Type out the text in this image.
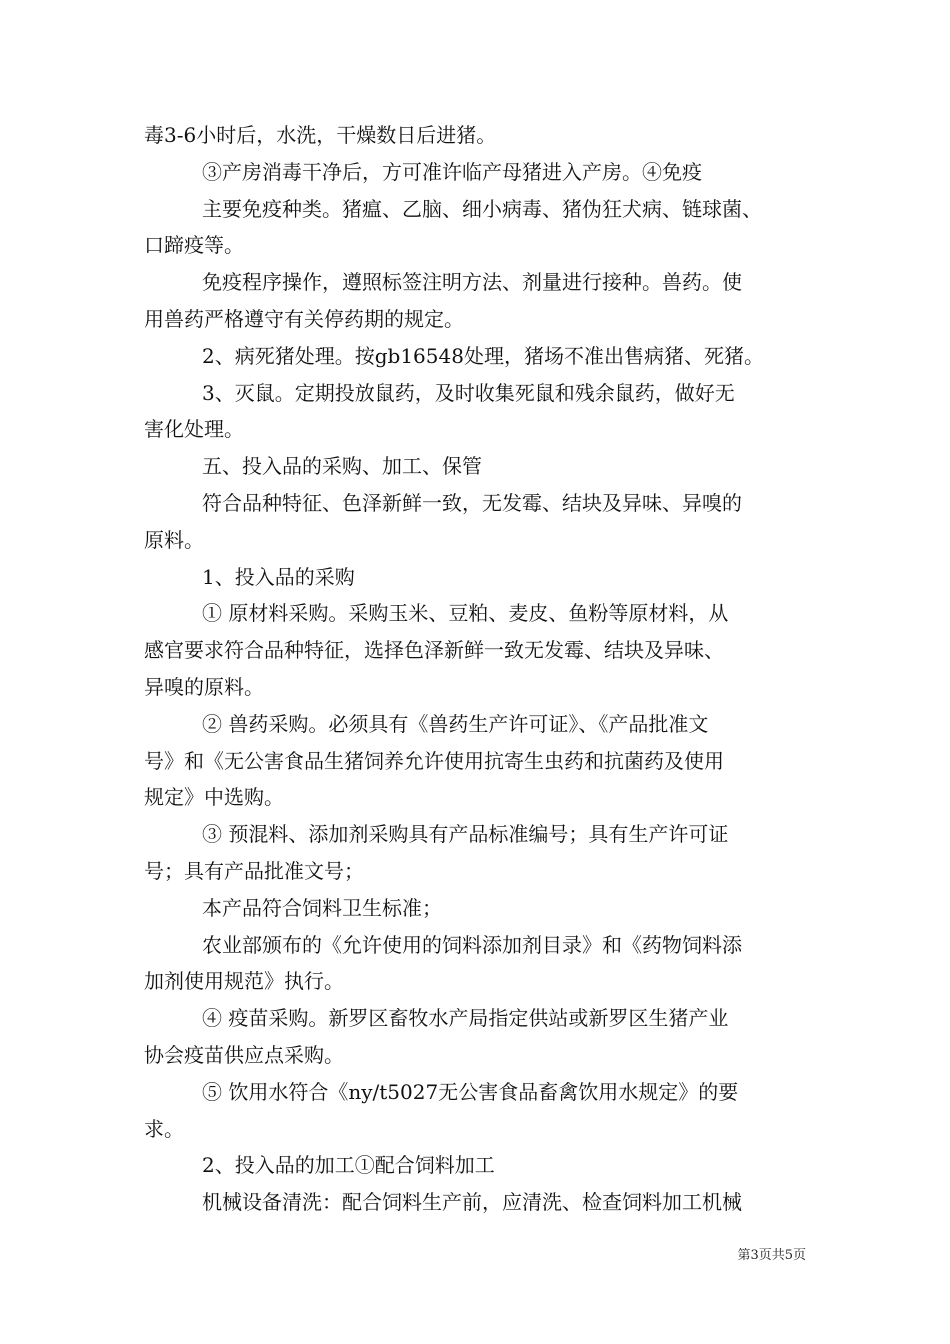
毒3-6小时后，水洗，干燥数日后进猪。
③产房消毒干净后，方可准许临产母猪进入产房。④免疫
主要免疫种类。猪瘟、乙脑、细小病毒、猪伪狂犬病、链球菌、
口蹄疫等。
免疫程序操作，遵照标签注明方法、剂量进行接种。兽药。使
用兽药严格遵守有关停药期的规定。
2、病死猪处理。按gb16548处理，猪场不准出售病猪、死猪。
3、灭鼠。定期投放鼠药，及时收集死鼠和残余鼠药，做好无
害化处理。
五、投入品的采购、加工、保管
符合品种特征、色泽新鲜一致，无发霉、结块及异味、异嗅的
原料。
1、投入品的采购
① 原材料采购。采购玉米、豆粕、麦皮、鱼粉等原材料，从
感官要求符合品种特征，选择色泽新鲜一致无发霉、结块及异味、
异嗅的原料。
② 兽药采购。必须具有《兽药生产许可证》、《产品批准文
号》和《无公害食品生猪饲养允许使用抗寄生虫药和抗菌药及使用
规定》中选购。
③ 预混料、添加剂采购具有产品标准编号；具有生产许可证
号；具有产品批准文号；
本产品符合饲料卫生标准；
农业部颁布的《允许使用的饲料添加剂目录》和《药物饲料添
加剂使用规范》执行。
④ 疫苗采购。新罗区畜牧水产局指定供站或新罗区生猪产业
协会疫苗供应点采购。
⑤ 饮用水符合《ny/t5027无公害食品畜禽饮用水规定》的要
求。
2、投入品的加工①配合饲料加工
机械设备清洗：配合饲料生产前，应清洗、检查饲料加工机械
第3页共5页
